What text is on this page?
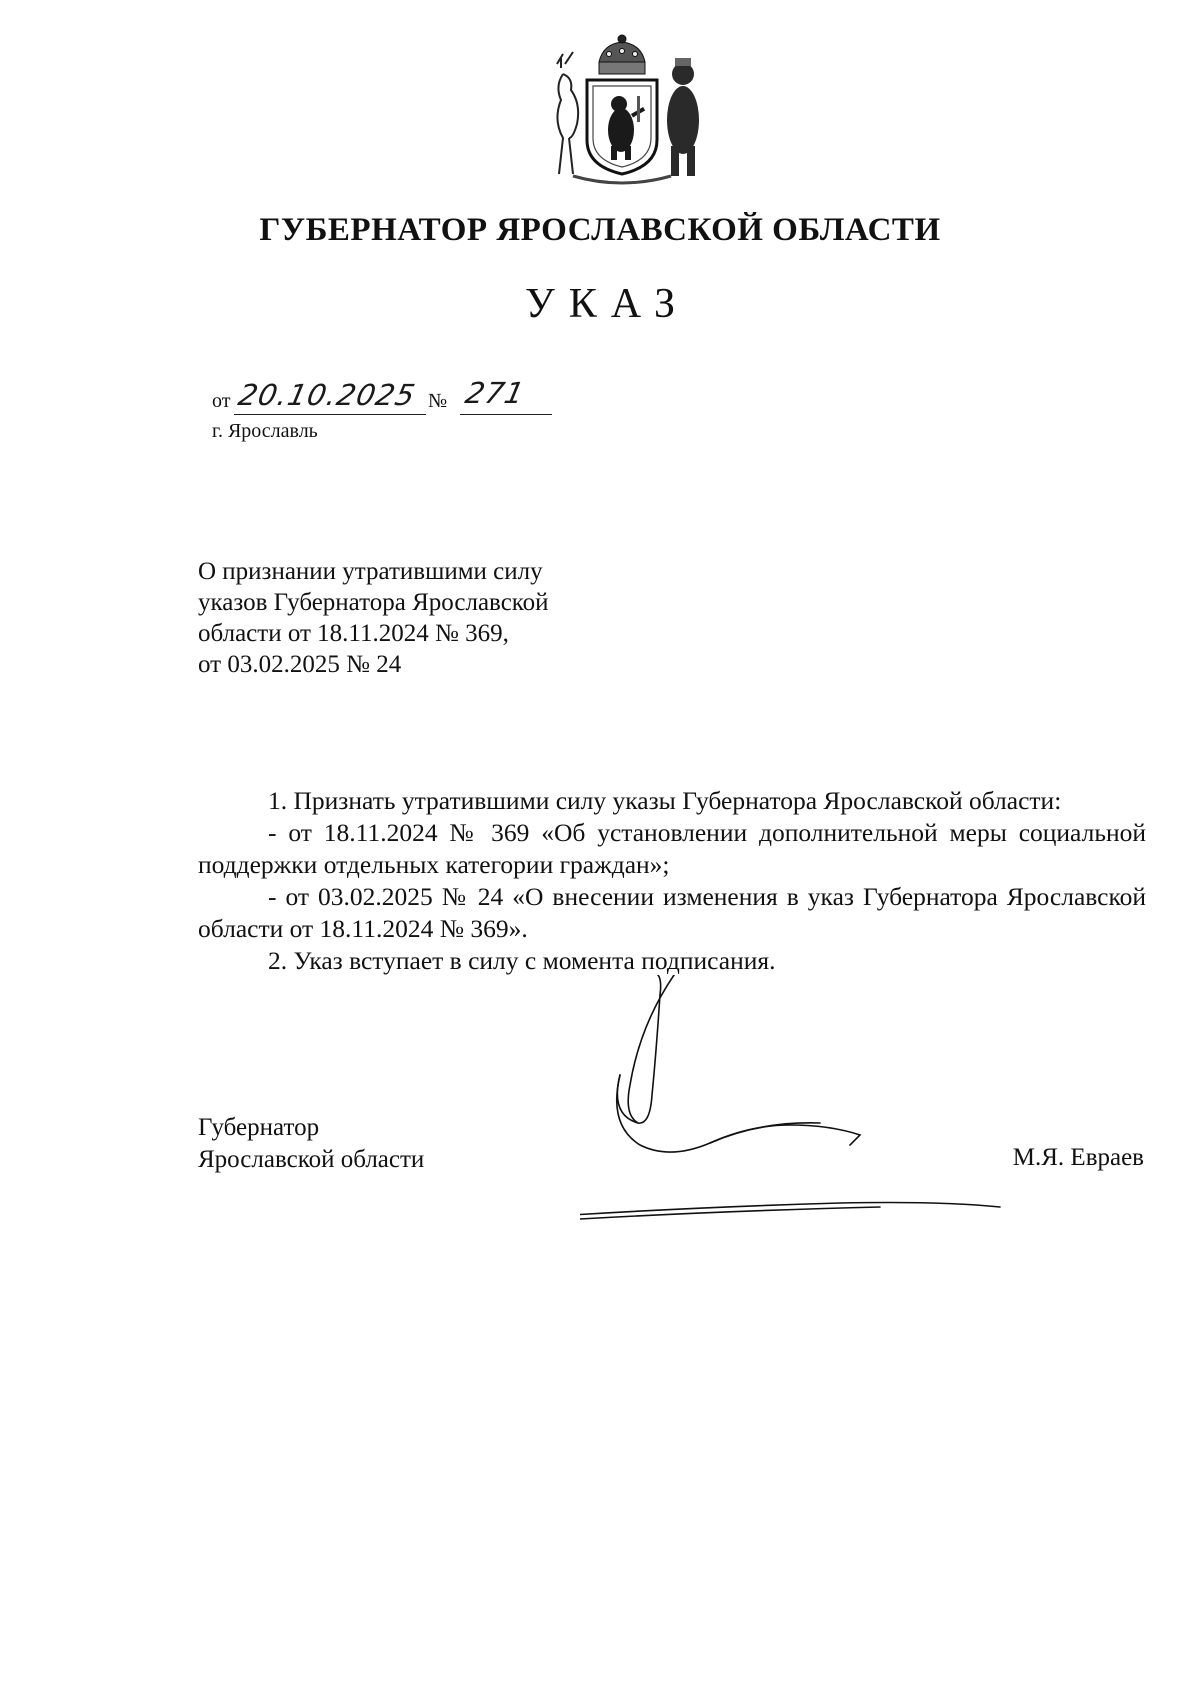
ГУБЕРНАТОР ЯРОСЛАВСКОЙ ОБЛАСТИ
УКАЗ
от 20.10.2025 № 271
г. Ярославль
О признании утратившими силу
указов Губернатора Ярославской
области от 18.11.2024 № 369,
от 03.02.2025 № 24

1. Признать утратившими силу указы Губернатора Ярославской области:

- от 18.11.2024 № 369 «Об установлении дополнительной меры социальной поддержки отдельных категории граждан»;

- от 03.02.2025 № 24 «О внесении изменения в указ Губернатора Ярославской области от 18.11.2024 № 369».

2. Указ вступает в силу с момента подписания.

Губернатор
Ярославской области	М.Я. Евраев
